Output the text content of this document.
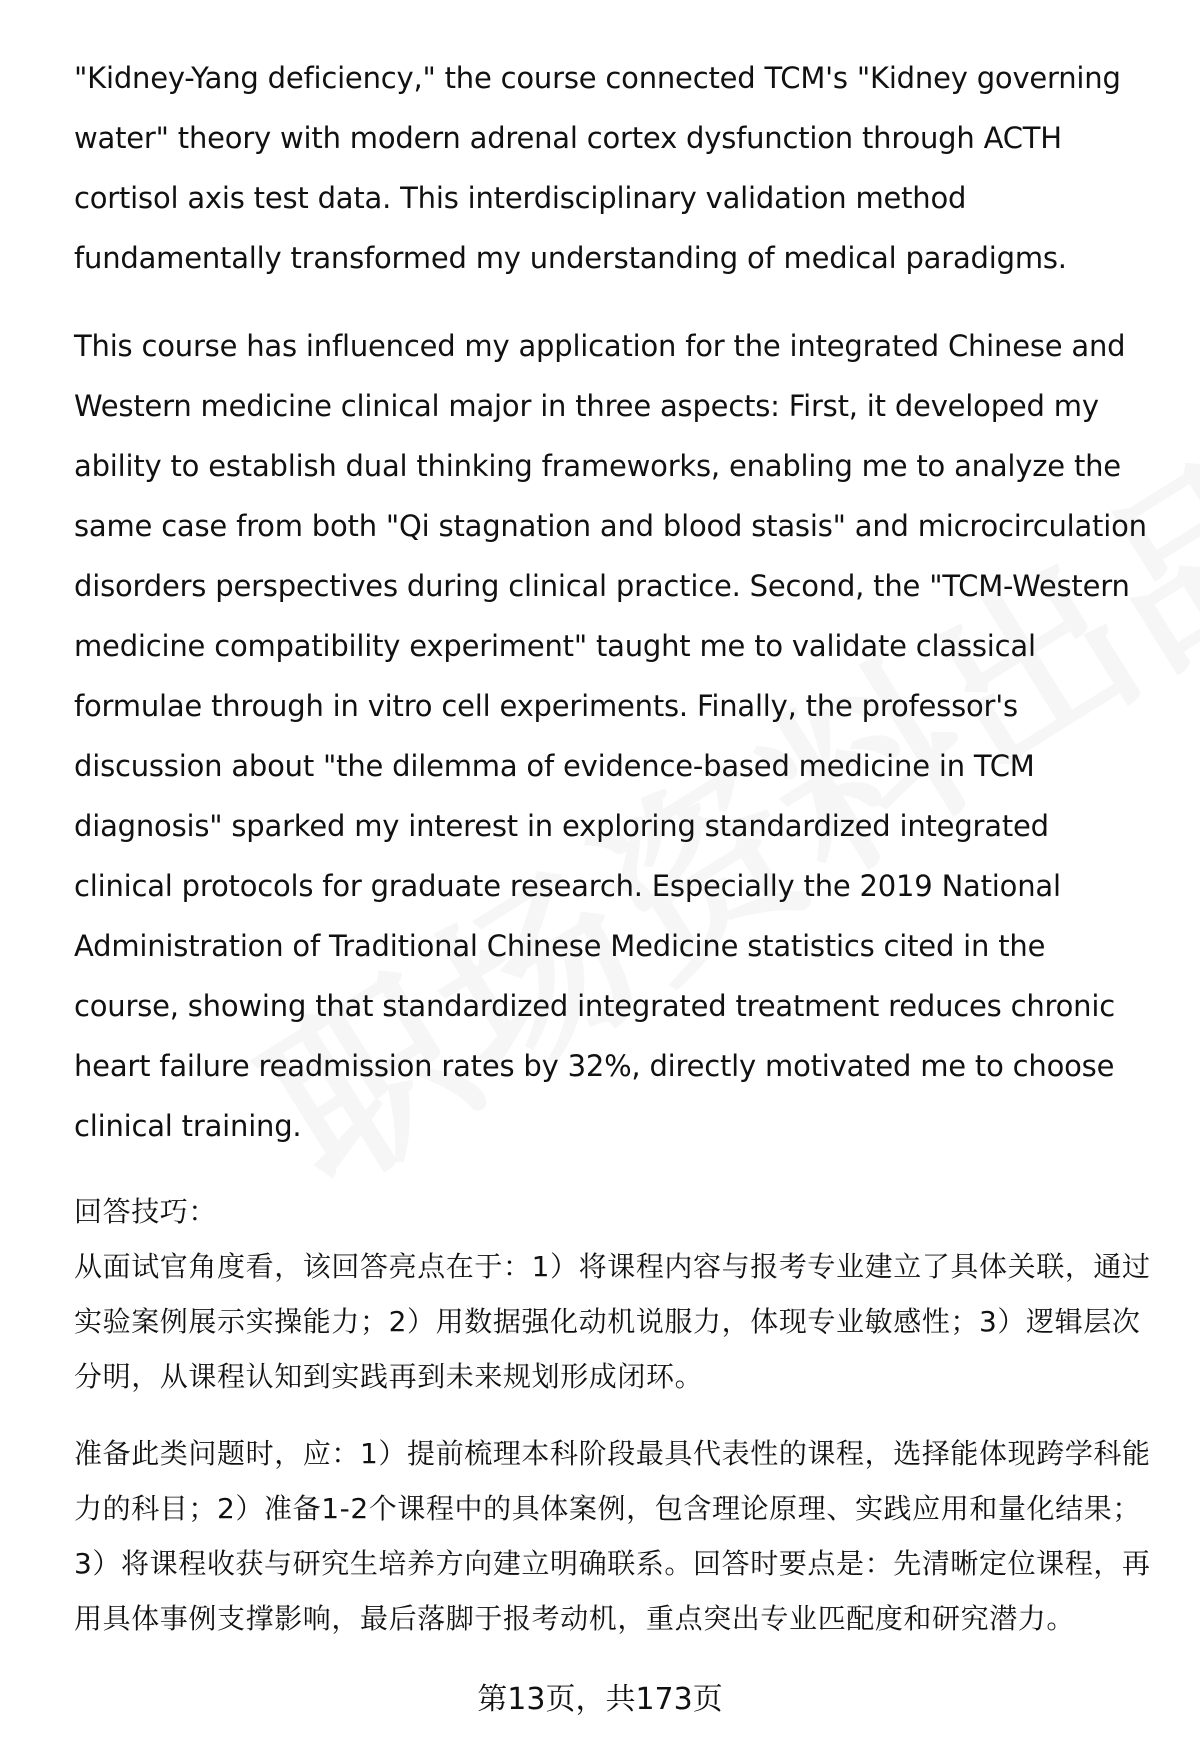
"Kidney-Yang deficiency," the course connected TCM's "Kidney governing water" theory with modern adrenal cortex dysfunction through ACTH cortisol axis test data. This interdisciplinary validation method fundamentally transformed my understanding of medical paradigms.

This course has influenced my application for the integrated Chinese and Western medicine clinical major in three aspects: First, it developed my ability to establish dual thinking frameworks, enabling me to analyze the same case from both "Qi stagnation and blood stasis" and microcirculation disorders perspectives during clinical practice. Second, the "TCM-Western medicine compatibility experiment" taught me to validate classical formulae through in vitro cell experiments. Finally, the professor's discussion about "the dilemma of evidence-based medicine in TCM diagnosis" sparked my interest in exploring standardized integrated clinical protocols for graduate research. Especially the 2019 National Administration of Traditional Chinese Medicine statistics cited in the course, showing that standardized integrated treatment reduces chronic heart failure readmission rates by 32%, directly motivated me to choose clinical training.

回答技巧：

从面试官角度看，该回答亮点在于：1）将课程内容与报考专业建立了具体关联，通过实验案例展示实操能力；2）用数据强化动机说服力，体现专业敏感性；3）逻辑层次分明，从课程认知到实践再到未来规划形成闭环。

准备此类问题时，应：1）提前梳理本科阶段最具代表性的课程，选择能体现跨学科能力的科目；2）准备1-2个课程中的具体案例，包含理论原理、实践应用和量化结果；3）将课程收获与研究生培养方向建立明确联系。回答时要点是：先清晰定位课程，再用具体事例支撑影响，最后落脚于报考动机，重点突出专业匹配度和研究潜力。

第13页，共173页
